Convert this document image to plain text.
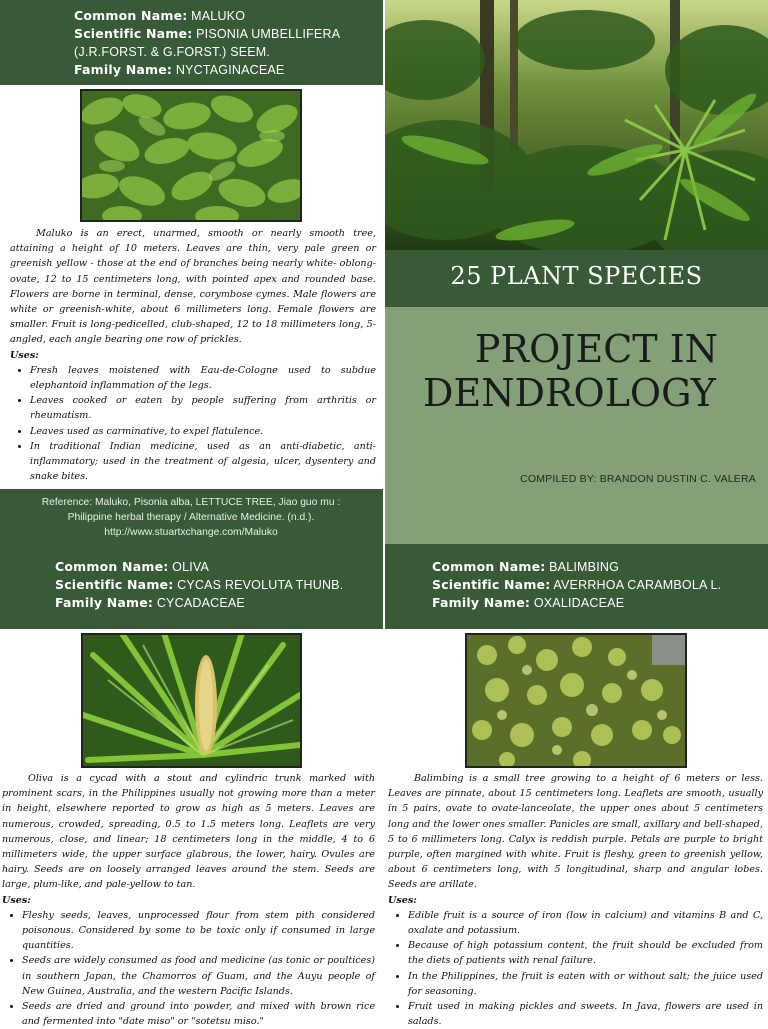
Common Name: MALUKO
Scientific Name: PISONIA UMBELLIFERA
(J.R.FORST. & G.FORST.) SEEM.
Family Name: NYCTAGINACEAE

Maluko is an erect, unarmed, smooth or nearly smooth tree, attaining a height of 10 meters. Leaves are thin, very pale green or greenish yellow - those at the end of branches being nearly white- oblong-ovate, 12 to 15 centimeters long, with pointed apex and rounded base. Flowers are borne in terminal, dense, corymbose cymes. Male flowers are white or greenish-white, about 6 millimeters long. Female flowers are smaller. Fruit is long-pedicelled, club-shaped, 12 to 18 millimeters long, 5-angled, each angle bearing one row of prickles.

Uses:
• Fresh leaves moistened with Eau-de-Cologne used to subdue elephantoid inflammation of the legs.
• Leaves cooked or eaten by people suffering from arthritis or rheumatism.
• Leaves used as carminative, to expel flatulence.
• In traditional Indian medicine, used as an anti-diabetic, anti-inflammatory; used in the treatment of algesia, ulcer, dysentery and snake bites.
Reference: Maluko, Pisonia alba, LETTUCE TREE, Jiao guo mu : Philippine herbal therapy / Alternative Medicine. (n.d.). http://www.stuartxchange.com/Maluko
Common Name: OLIVA
Scientific Name: CYCAS REVOLUTA THUNB.
Family Name: CYCADACEAE
25 PLANT SPECIES
PROJECT IN
DENDROLOGY
COMPILED BY: BRANDON DUSTIN C. VALERA
Common Name: BALIMBING
Scientific Name: AVERRHOA CARAMBOLA L.
Family Name: OXALIDACEAE

Oliva is a cycad with a stout and cylindric trunk marked with prominent scars, in the Philippines usually not growing more than a meter in height, elsewhere reported to grow as high as 5 meters. Leaves are numerous, crowded, spreading, 0.5 to 1.5 meters long. Leaflets are very numerous, close, and linear; 18 centimeters long in the middle, 4 to 6 millimeters wide, the upper surface glabrous, the lower, hairy. Ovules are hairy. Seeds are on loosely arranged leaves around the stem. Seeds are large, plum-like, and pale-yellow to tan.

Uses:
• Fleshy seeds, leaves, unprocessed flour from stem pith considered poisonous. Considered by some to be toxic only if consumed in large quantities.
• Seeds are widely consumed as food and medicine (as tonic or poultices) in southern Japan, the Chamorros of Guam, and the Auyu people of New Guinea, Australia, and the western Pacific Islands.
• Seeds are dried and ground into powder, and mixed with brown rice and fermented into "date miso" or "sotetsu miso."

Balimbing is a small tree growing to a height of 6 meters or less. Leaves are pinnate, about 15 centimeters long. Leaflets are smooth, usually in 5 pairs, ovate to ovate-lanceolate, the upper ones about 5 centimeters long and the lower ones smaller. Panicles are small, axillary and bell-shaped, 5 to 6 millimeters long. Calyx is reddish purple. Petals are purple to bright purple, often margined with white. Fruit is fleshy, green to greenish yellow, about 6 centimeters long, with 5 longitudinal, sharp and angular lobes. Seeds are arillate.

Uses:
• Edible fruit is a source of iron (low in calcium) and vitamins B and C, oxalate and potassium.
• Because of high potassium content, the fruit should be excluded from the diets of patients with renal failure.
• In the Philippines, the fruit is eaten with or without salt; the juice used for seasoning.
• Fruit used in making pickles and sweets. In Java, flowers are used in salads.
